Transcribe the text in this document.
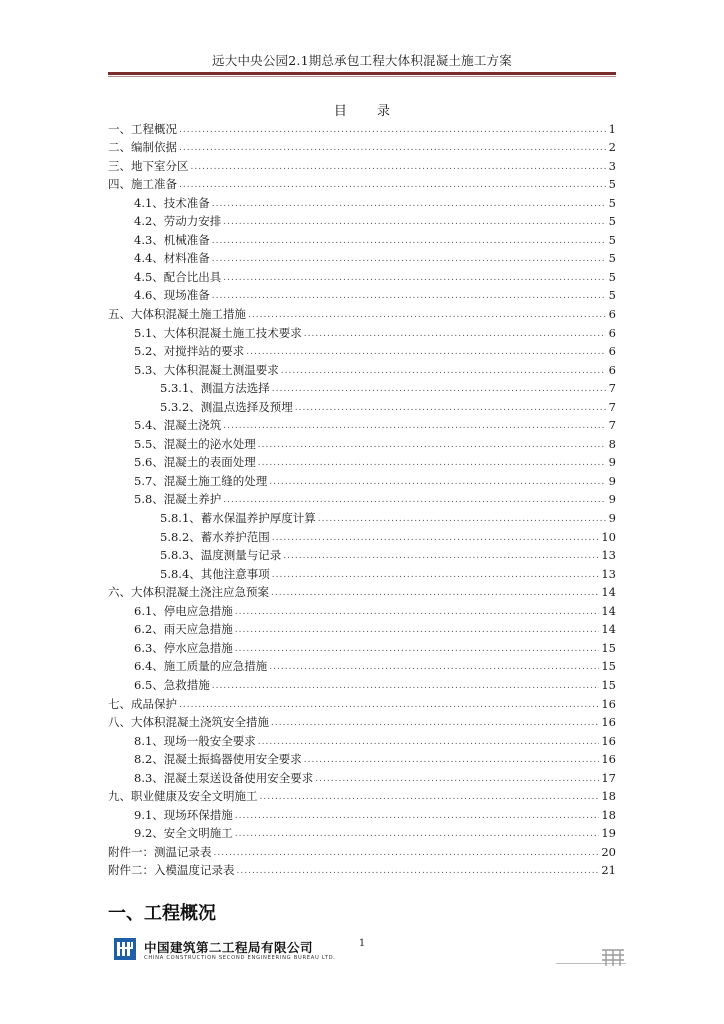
远大中央公园2.1期总承包工程大体积混凝土施工方案
目 录
一、工程概况 .....	1
二、编制依据 .....	2
三、地下室分区 .....	3
四、施工准备 .....	5
4.1、技术准备 .....	5
4.2、劳动力安排 .....	5
4.3、机械准备 .....	5
4.4、材料准备 .....	5
4.5、配合比出具 .....	5
4.6、现场准备 .....	5
五、大体积混凝土施工措施 .....	6
5.1、大体积混凝土施工技术要求 .....	6
5.2、对搅拌站的要求 .....	6
5.3、大体积混凝土测温要求 .....	6
5.3.1、测温方法选择 .....	7
5.3.2、测温点选择及预埋 .....	7
5.4、混凝土浇筑 .....	7
5.5、混凝土的泌水处理 .....	8
5.6、混凝土的表面处理 .....	9
5.7、混凝土施工缝的处理 .....	9
5.8、混凝土养护 .....	9
5.8.1、蓄水保温养护厚度计算 .....	9
5.8.2、蓄水养护范围 .....	10
5.8.3、温度测量与记录 .....	13
5.8.4、其他注意事项 .....	13
六、大体积混凝土浇注应急预案 .....	14
6.1、停电应急措施 .....	14
6.2、雨天应急措施 .....	14
6.3、停水应急措施 .....	15
6.4、施工质量的应急措施 .....	15
6.5、急救措施 .....	15
七、成品保护 .....	16
八、大体积混凝土浇筑安全措施 .....	16
8.1、现场一般安全要求 .....	16
8.2、混凝土振捣器使用安全要求 .....	16
8.3、混凝土泵送设备使用安全要求 .....	17
九、职业健康及安全文明施工 .....	18
9.1、现场环保措施 .....	18
9.2、安全文明施工 .....	19
附件一：测温记录表 .....	20
附件二：入模温度记录表 .....	21
一、工程概况
中国建筑第二工程局有限公司
CHINA CONSTRUCTION SECOND ENGINEERING BUREAU LTD.
1
